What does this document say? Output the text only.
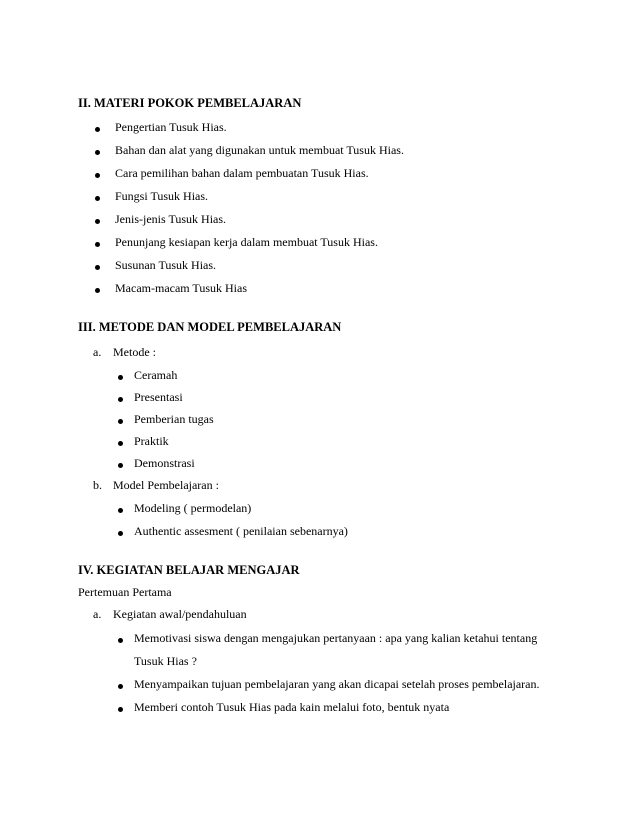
II. MATERI POKOK PEMBELAJARAN
Pengertian Tusuk Hias.
Bahan dan alat yang digunakan untuk membuat Tusuk Hias.
Cara pemilihan bahan dalam pembuatan Tusuk Hias.
Fungsi Tusuk Hias.
Jenis-jenis Tusuk Hias.
Penunjang kesiapan kerja dalam membuat Tusuk Hias.
Susunan Tusuk Hias.
Macam-macam Tusuk Hias
III. METODE DAN MODEL PEMBELAJARAN
a. Metode :
Ceramah
Presentasi
Pemberian tugas
Praktik
Demonstrasi
b. Model Pembelajaran :
Modeling ( permodelan)
Authentic assesment ( penilaian sebenarnya)
IV. KEGIATAN BELAJAR MENGAJAR
Pertemuan Pertama
a. Kegiatan awal/pendahuluan
Memotivasi siswa dengan mengajukan pertanyaan : apa yang kalian ketahui tentang
Tusuk Hias ?
Menyampaikan tujuan pembelajaran yang akan dicapai setelah proses pembelajaran.
Memberi contoh Tusuk Hias pada kain melalui foto, bentuk nyata
